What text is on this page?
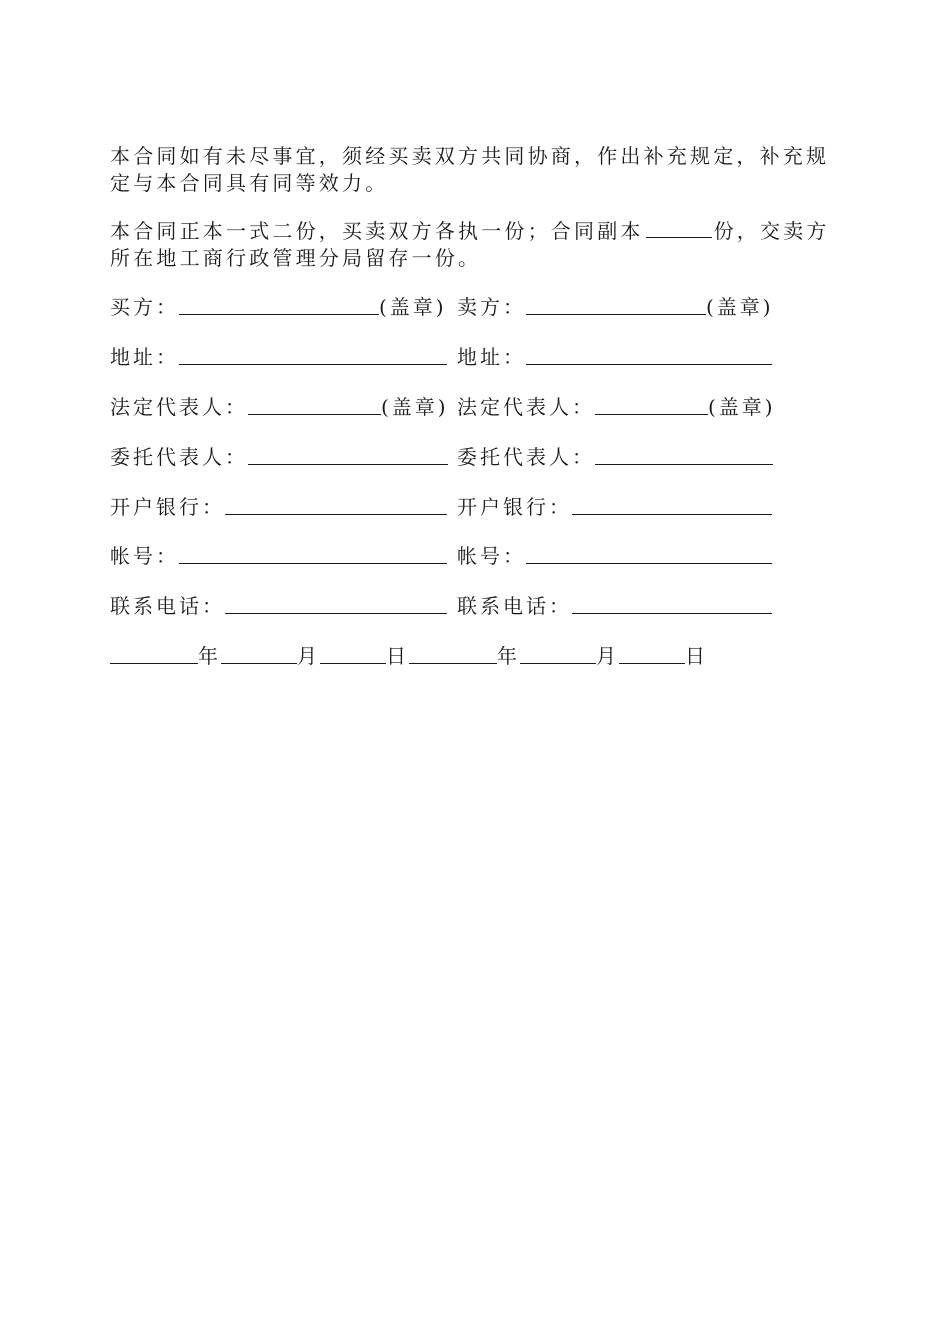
本合同如有未尽事宜，须经买卖双方共同协商，作出补充规定，补充规定与本合同具有同等效力。

本合同正本一式二份，买卖双方各执一份；合同副本	份，交卖方所在地工商行政管理分局留存一份。

买方：	(盖章) 卖方：	(盖章)
地址：	地址：
法定代表人：	(盖章) 法定代表人：	(盖章)
委托代表人：	委托代表人：
开户银行：	开户银行：
帐号：	帐号：
联系电话：	联系电话：
年	月	日	年	月	日
